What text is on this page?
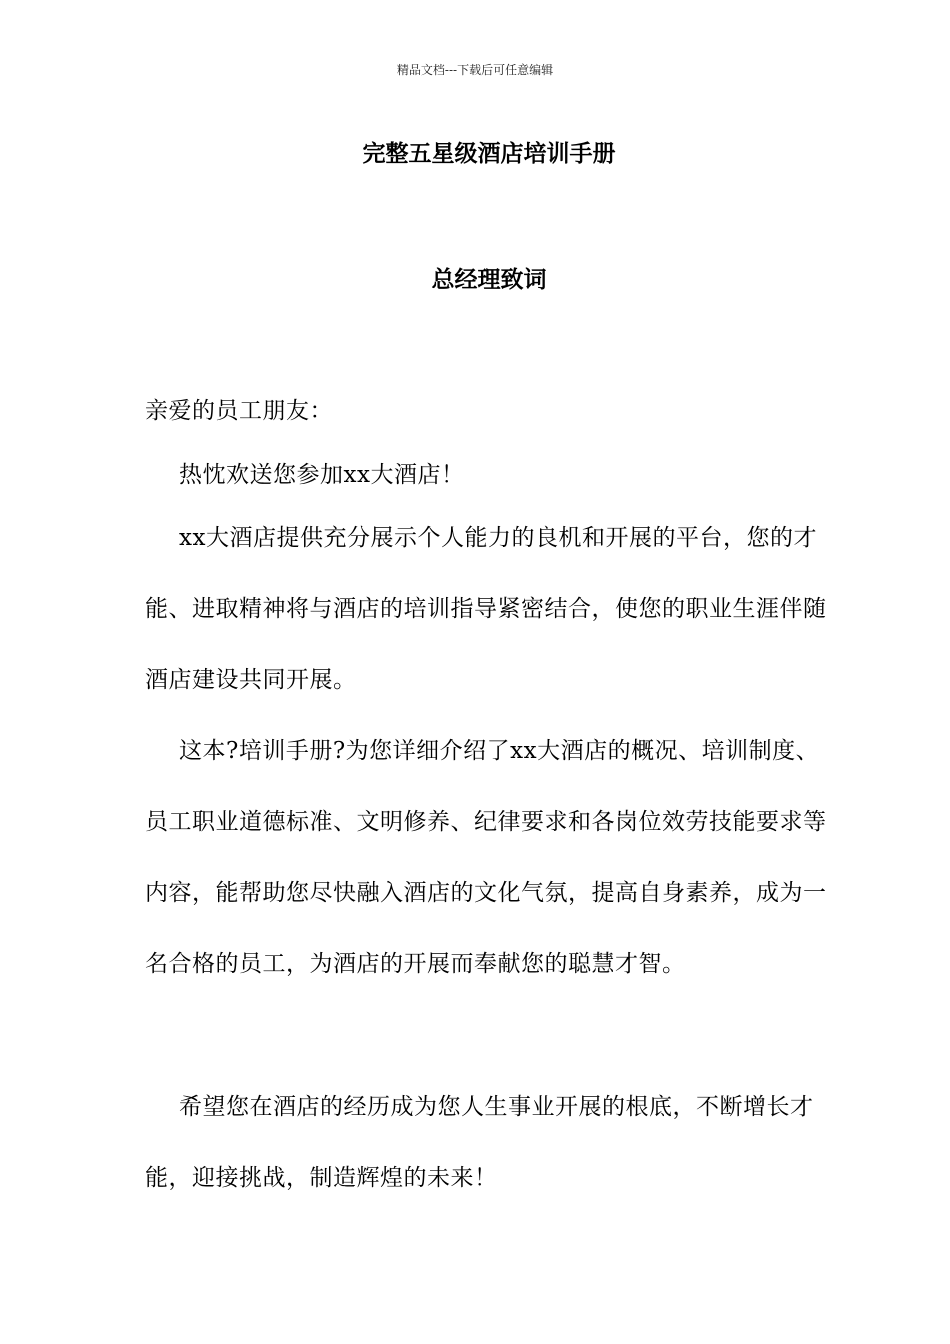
精品文档---下载后可任意编辑
完整五星级酒店培训手册
总经理致词

亲爱的员工朋友：

热忱欢送您参加xx大酒店！

xx大酒店提供充分展示个人能力的良机和开展的平台，您的才能、进取精神将与酒店的培训指导紧密结合，使您的职业生涯伴随酒店建设共同开展。

这本?培训手册?为您详细介绍了xx大酒店的概况、培训制度、员工职业道德标准、文明修养、纪律要求和各岗位效劳技能要求等内容，能帮助您尽快融入酒店的文化气氛，提高自身素养，成为一名合格的员工，为酒店的开展而奉献您的聪慧才智。

希望您在酒店的经历成为您人生事业开展的根底，不断增长才能，迎接挑战，制造辉煌的未来！
